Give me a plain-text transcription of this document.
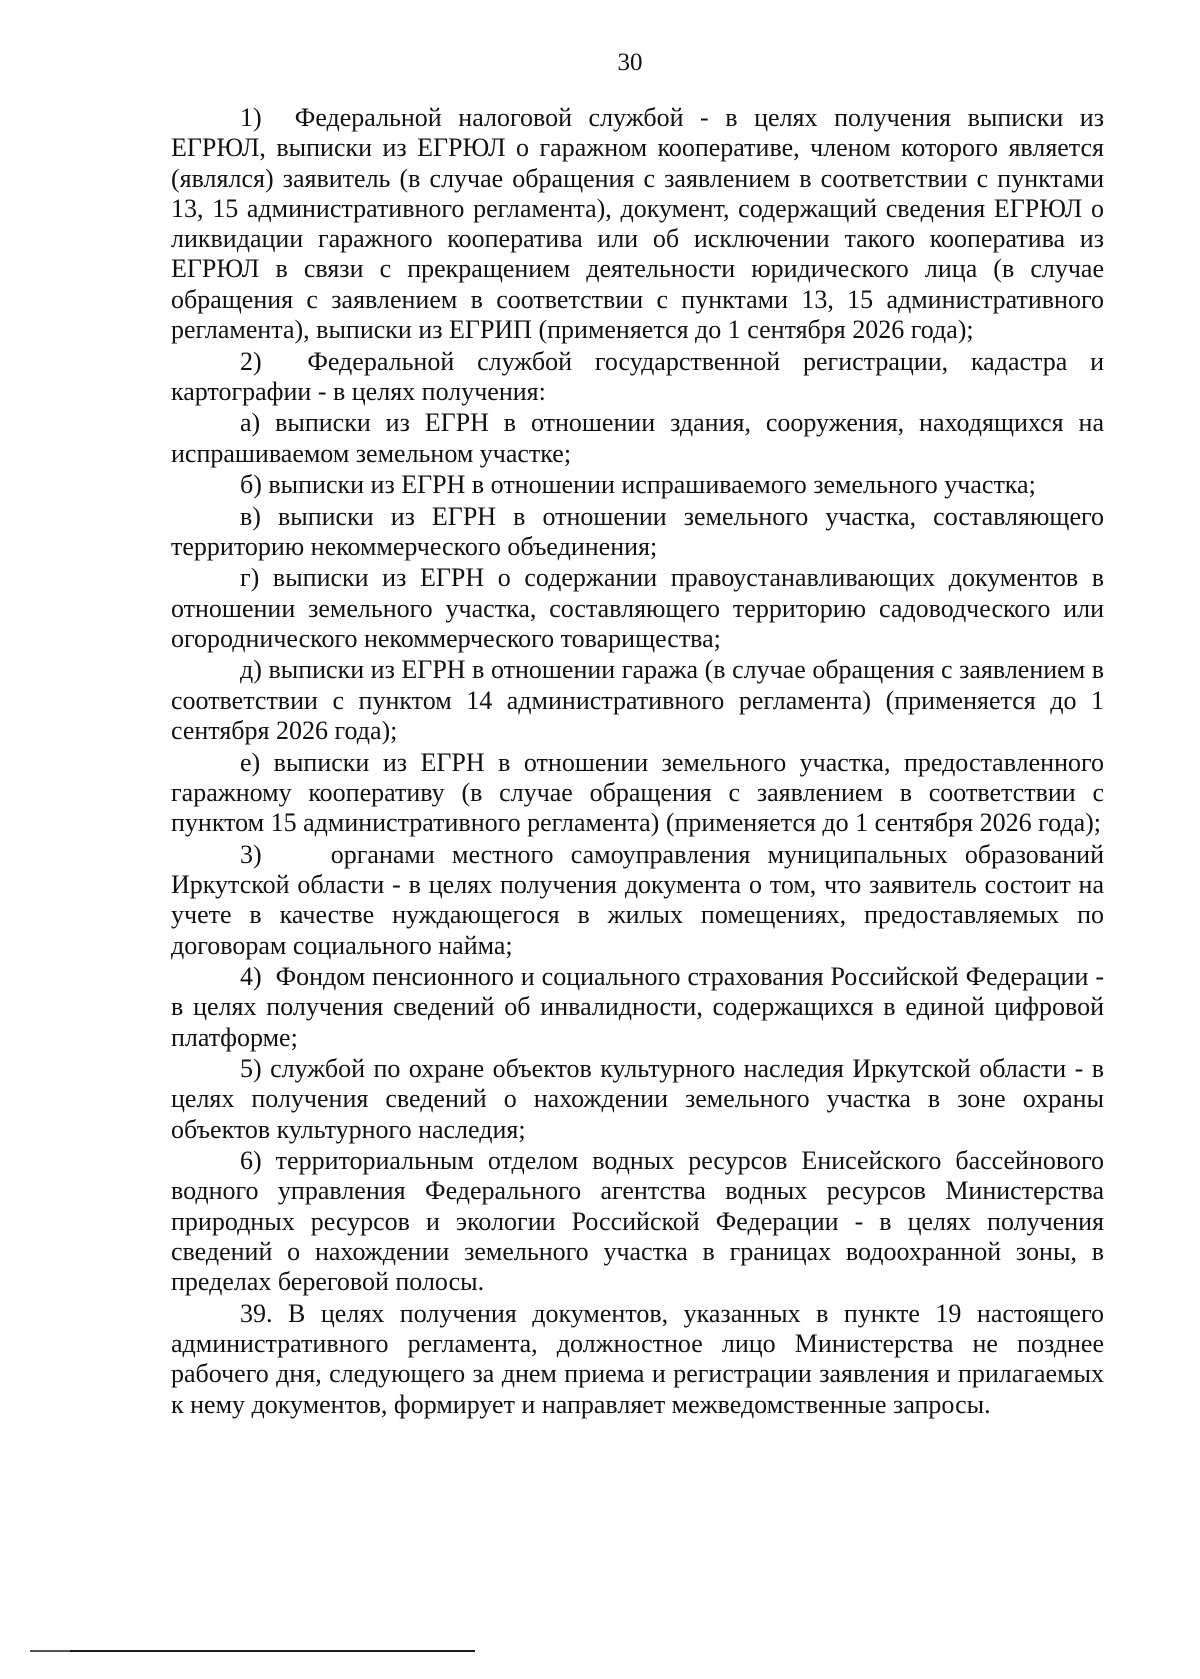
30

1)  Федеральной налоговой службой - в целях получения выписки из ЕГРЮЛ, выписки из ЕГРЮЛ о гаражном кооперативе, членом которого является (являлся) заявитель (в случае обращения с заявлением в соответствии с пунктами 13, 15 административного регламента), документ, содержащий сведения ЕГРЮЛ о ликвидации гаражного кооператива или об исключении такого кооператива из ЕГРЮЛ в связи с прекращением деятельности юридического лица (в случае обращения с заявлением в соответствии с пунктами 13, 15 административного регламента), выписки из ЕГРИП (применяется до 1 сентября 2026 года);

2)  Федеральной службой государственной регистрации, кадастра и картографии - в целях получения:

а) выписки из ЕГРН в отношении здания, сооружения, находящихся на испрашиваемом земельном участке;

б) выписки из ЕГРН в отношении испрашиваемого земельного участка;

в) выписки из ЕГРН в отношении земельного участка, составляющего территорию некоммерческого объединения;

г) выписки из ЕГРН о содержании правоустанавливающих документов в отношении земельного участка, составляющего территорию садоводческого или огороднического некоммерческого товарищества;

д) выписки из ЕГРН в отношении гаража (в случае обращения с заявлением в соответствии с пунктом 14 административного регламента) (применяется до 1 сентября 2026 года);

е) выписки из ЕГРН в отношении земельного участка, предоставленного гаражному кооперативу (в случае обращения с заявлением в соответствии с пунктом 15 административного регламента) (применяется до 1 сентября 2026 года);

3)    органами местного самоуправления муниципальных образований Иркутской области - в целях получения документа о том, что заявитель состоит на учете в качестве нуждающегося в жилых помещениях, предоставляемых по договорам социального найма;

4)  Фондом пенсионного и социального страхования Российской Федерации - в целях получения сведений об инвалидности, содержащихся в единой цифровой платформе;

5) службой по охране объектов культурного наследия Иркутской области - в целях получения сведений о нахождении земельного участка в зоне охраны объектов культурного наследия;

6) территориальным отделом водных ресурсов Енисейского бассейнового водного управления Федерального агентства водных ресурсов Министерства природных ресурсов и экологии Российской Федерации - в целях получения сведений о нахождении земельного участка в границах водоохранной зоны, в пределах береговой полосы.

39. В целях получения документов, указанных в пункте 19 настоящего административного регламента, должностное лицо Министерства не позднее рабочего дня, следующего за днем приема и регистрации заявления и прилагаемых к нему документов, формирует и направляет межведомственные запросы.
